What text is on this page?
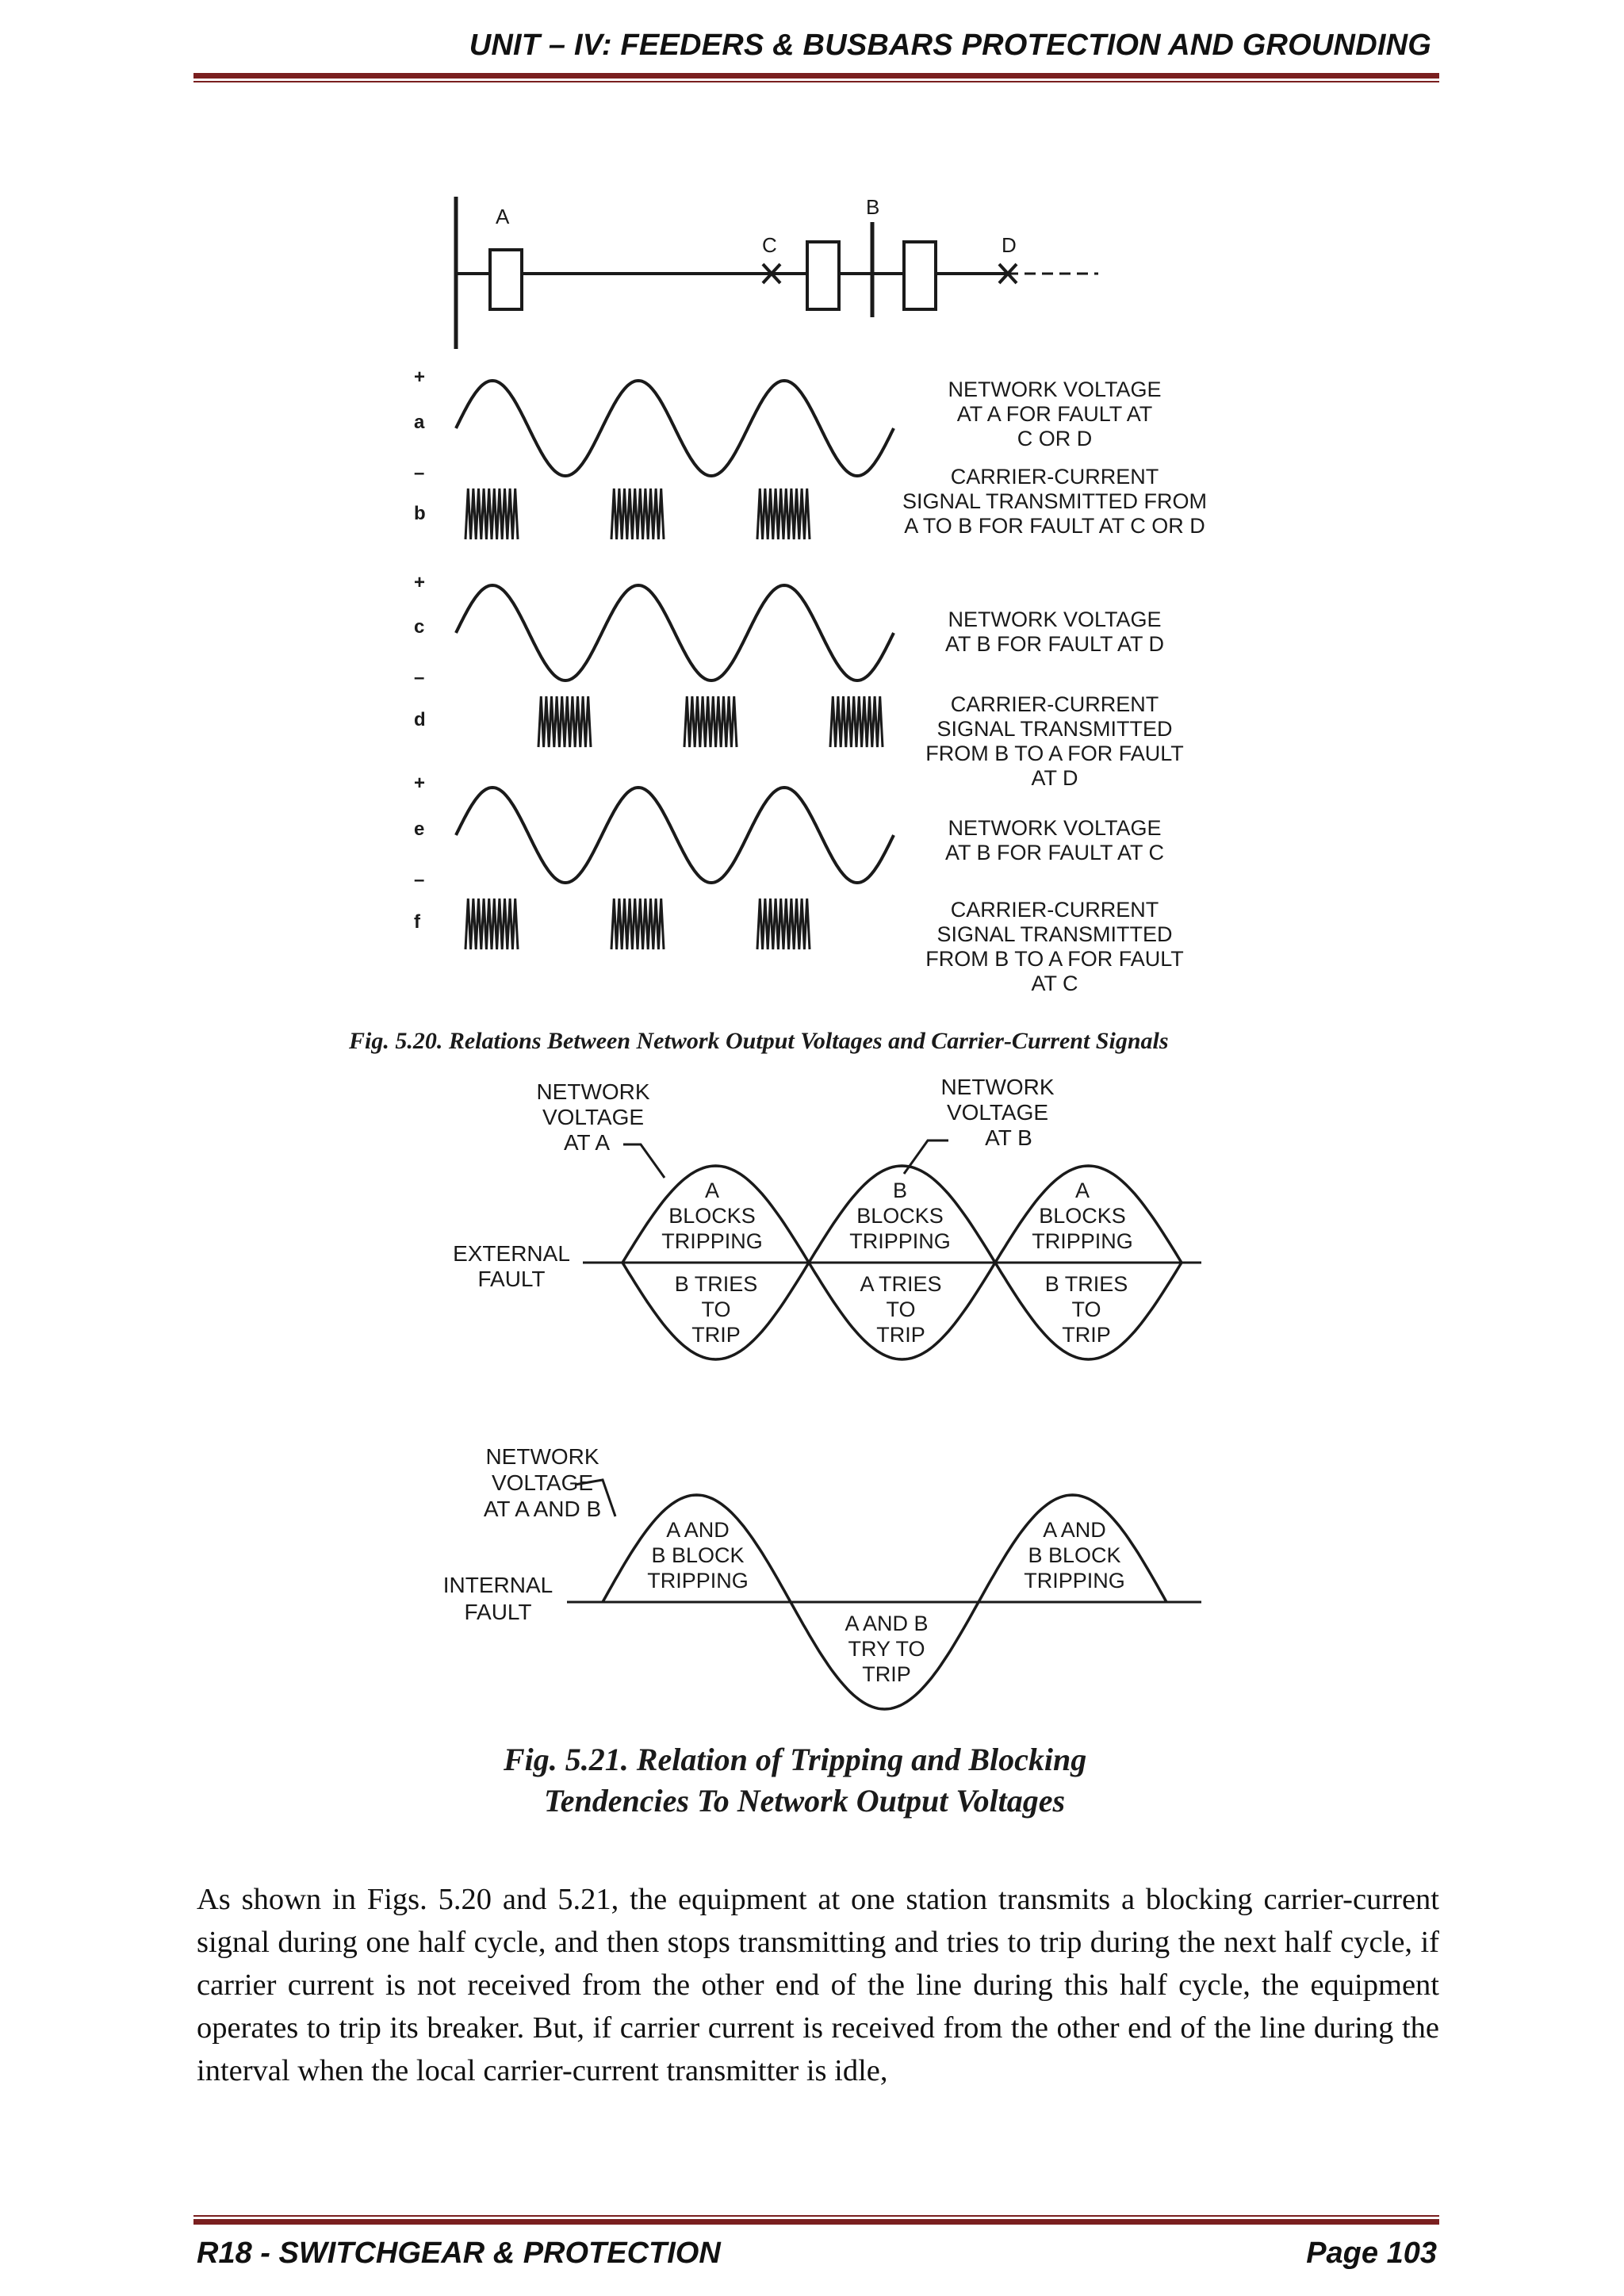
UNIT – IV: FEEDERS & BUSBARS PROTECTION AND GROUNDING
A	B
C	D
+
a
–
b
+
c
–
d
+
e
–
f
NETWORK VOLTAGE
AT A FOR FAULT AT
C OR D
CARRIER-CURRENT
SIGNAL TRANSMITTED FROM
A TO B FOR FAULT AT C OR D
NETWORK VOLTAGE
AT B FOR FAULT AT D
CARRIER-CURRENT
SIGNAL TRANSMITTED
FROM B TO A FOR FAULT
AT D
NETWORK VOLTAGE
AT B FOR FAULT AT C
CARRIER-CURRENT
SIGNAL TRANSMITTED
FROM B TO A FOR FAULT
AT C
Fig. 5.20. Relations Between Network Output Voltages and Carrier-Current Signals
NETWORK
VOLTAGE
AT A
NETWORK
VOLTAGE
AT B
EXTERNAL
FAULT
A
BLOCKS
TRIPPING
B
BLOCKS
TRIPPING
A
BLOCKS
TRIPPING
B TRIES
TO
TRIP
A TRIES
TO
TRIP
B TRIES
TO
TRIP
NETWORK
VOLTAGE
AT A AND B
INTERNAL
FAULT
A AND
B BLOCK
TRIPPING
A AND
B BLOCK
TRIPPING
A AND B
TRY TO
TRIP
Fig. 5.21. Relation of Tripping and Blocking
Tendencies To Network Output Voltages

As shown in Figs. 5.20 and 5.21, the equipment at one station transmits a blocking carrier-current signal during one half cycle, and then stops transmitting and tries to trip during the next half cycle, if carrier current is not received from the other end of the line during this half cycle, the equipment operates to trip its breaker. But, if carrier current is received from the other end of the line during the interval when the local carrier-current transmitter is idle,

R18 - SWITCHGEAR & PROTECTION	Page 103
